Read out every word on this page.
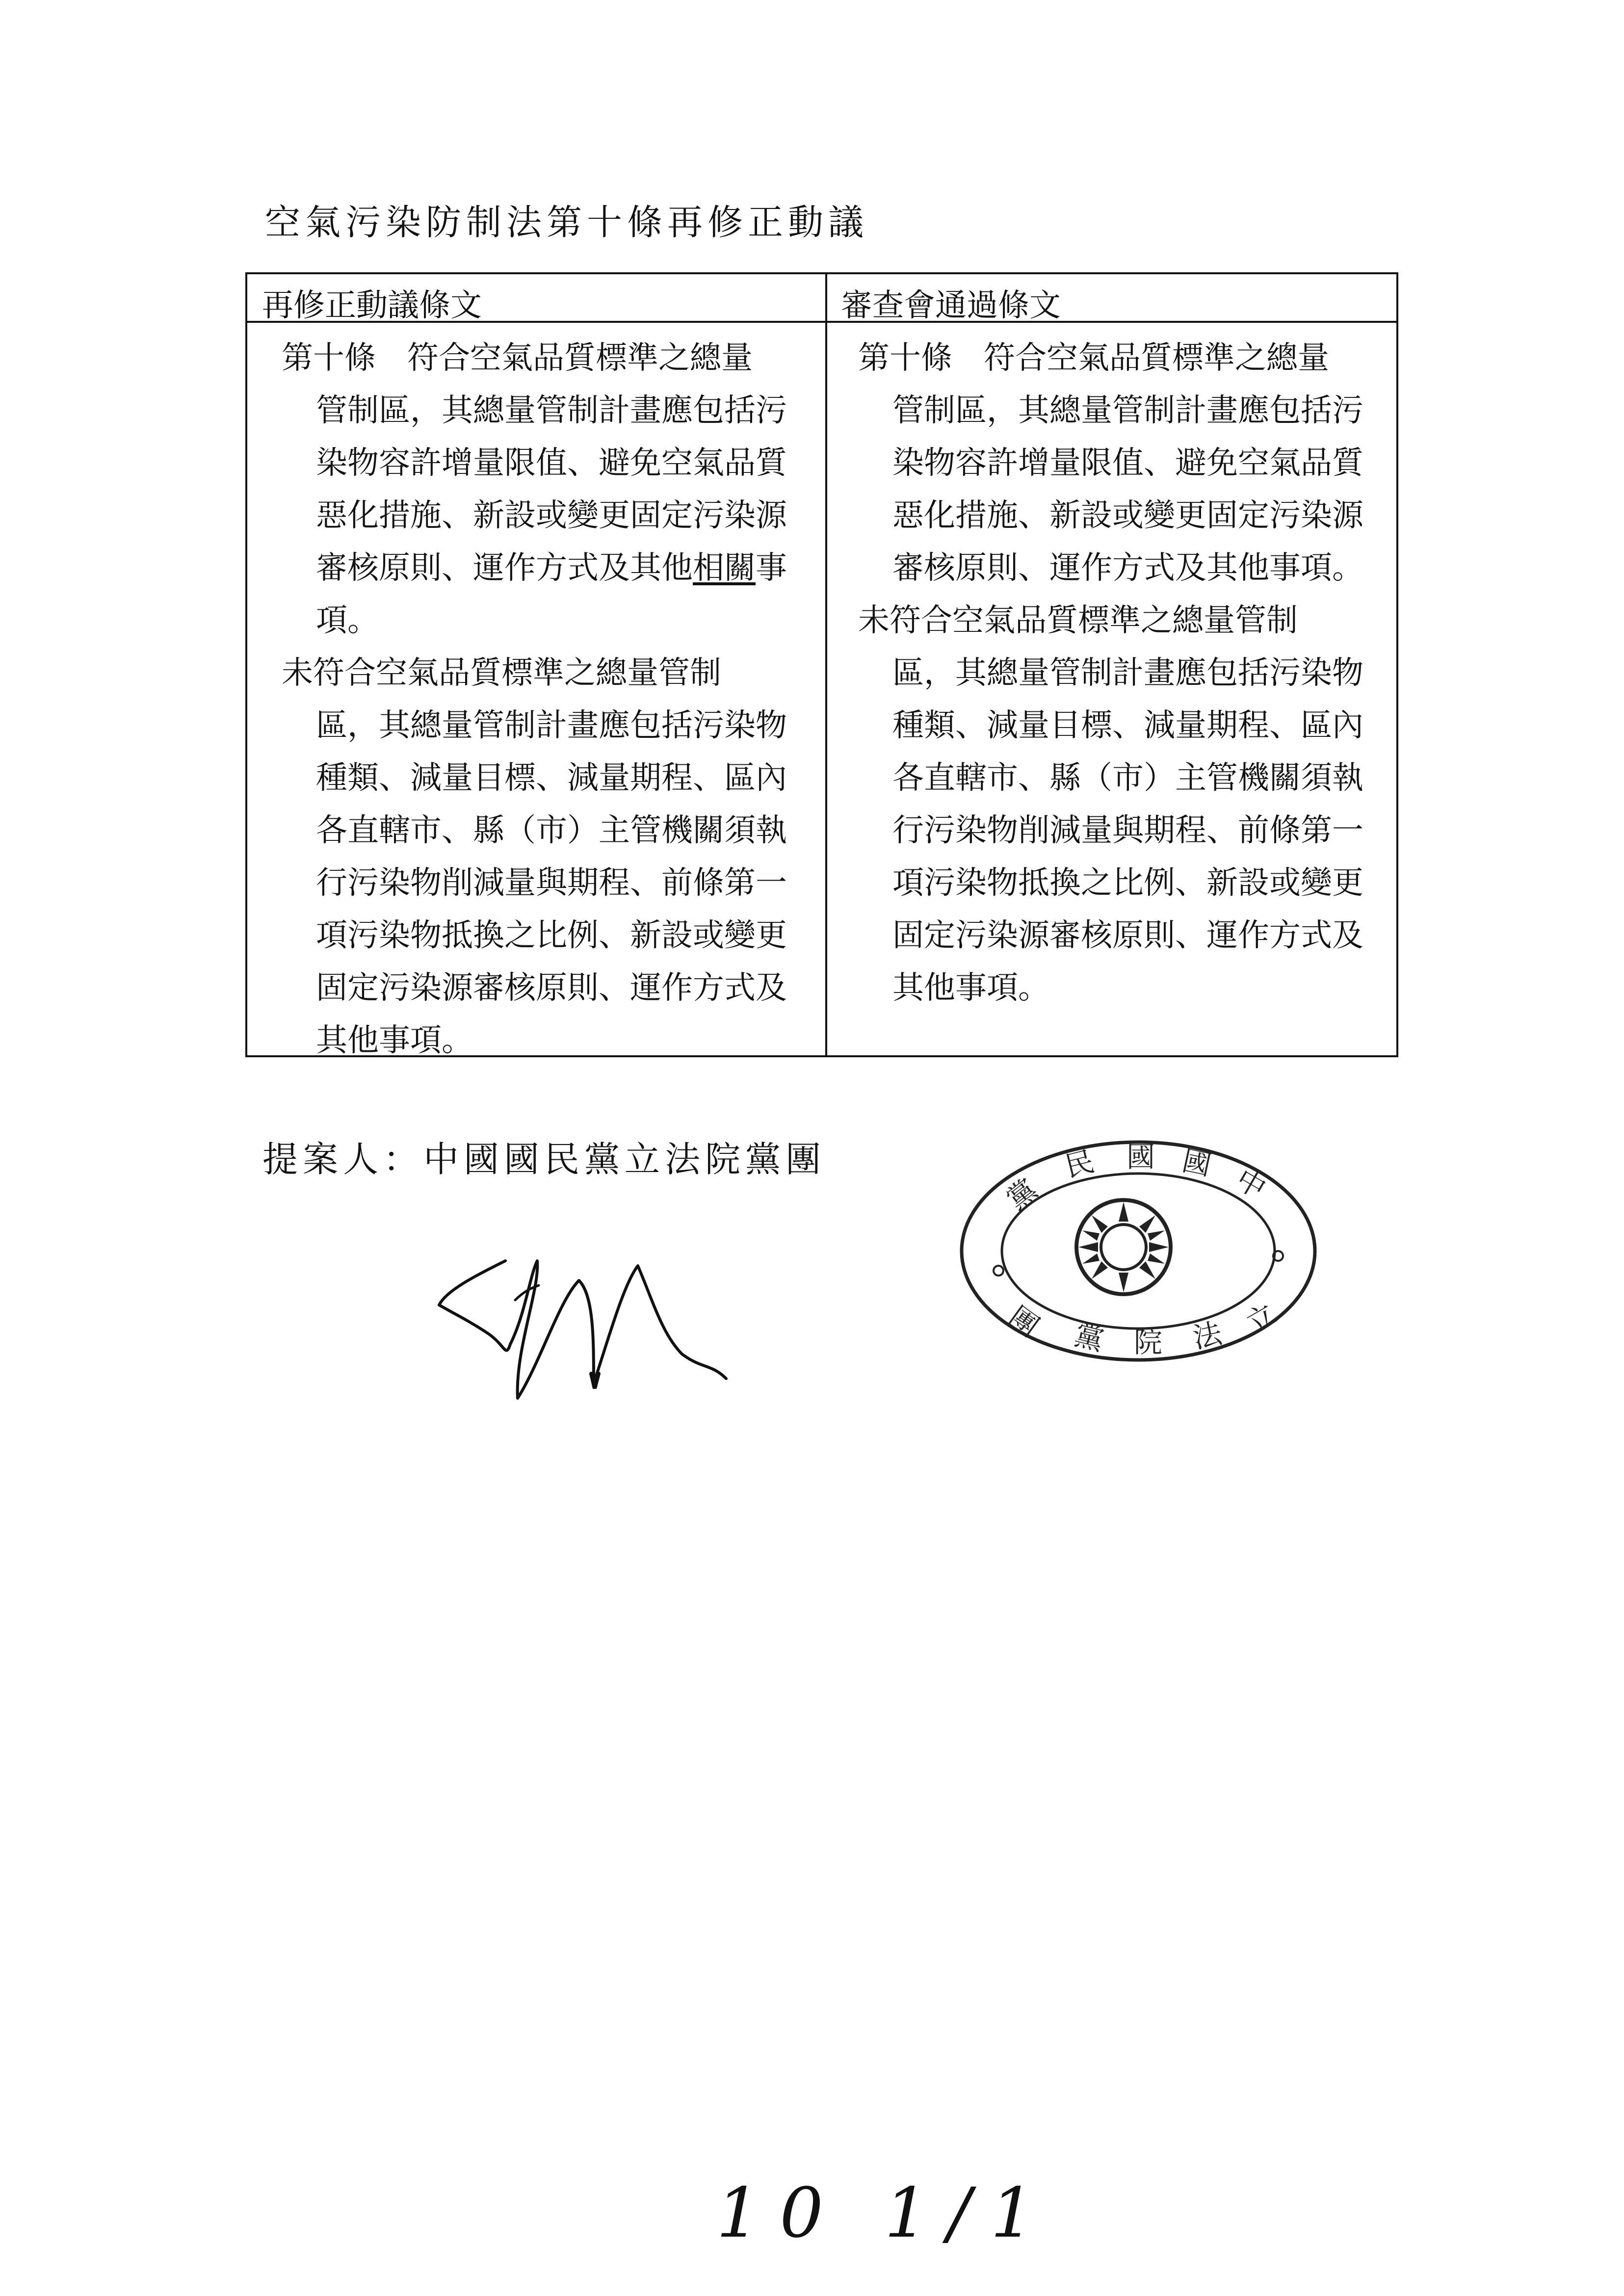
空氣污染防制法第十條再修正動議
再修正動議條文	審查會通過條文
第十條　符合空氣品質標準之總量
管制區，其總量管制計畫應包括污
染物容許增量限值、避免空氣品質
惡化措施、新設或變更固定污染源
審核原則、運作方式及其他相關事
項。
未符合空氣品質標準之總量管制
區，其總量管制計畫應包括污染物
種類、減量目標、減量期程、區內
各直轄市、縣（市）主管機關須執
行污染物削減量與期程、前條第一
項污染物抵換之比例、新設或變更
固定污染源審核原則、運作方式及
其他事項。
第十條　符合空氣品質標準之總量
管制區，其總量管制計畫應包括污
染物容許增量限值、避免空氣品質
惡化措施、新設或變更固定污染源
審核原則、運作方式及其他事項。
未符合空氣品質標準之總量管制
區，其總量管制計畫應包括污染物
種類、減量目標、減量期程、區內
各直轄市、縣（市）主管機關須執
行污染物削減量與期程、前條第一
項污染物抵換之比例、新設或變更
固定污染源審核原則、運作方式及
其他事項。
提案人：中國國民黨立法院黨團
中
國
國
民
黨
立
法
院
黨
團
10 1/1
